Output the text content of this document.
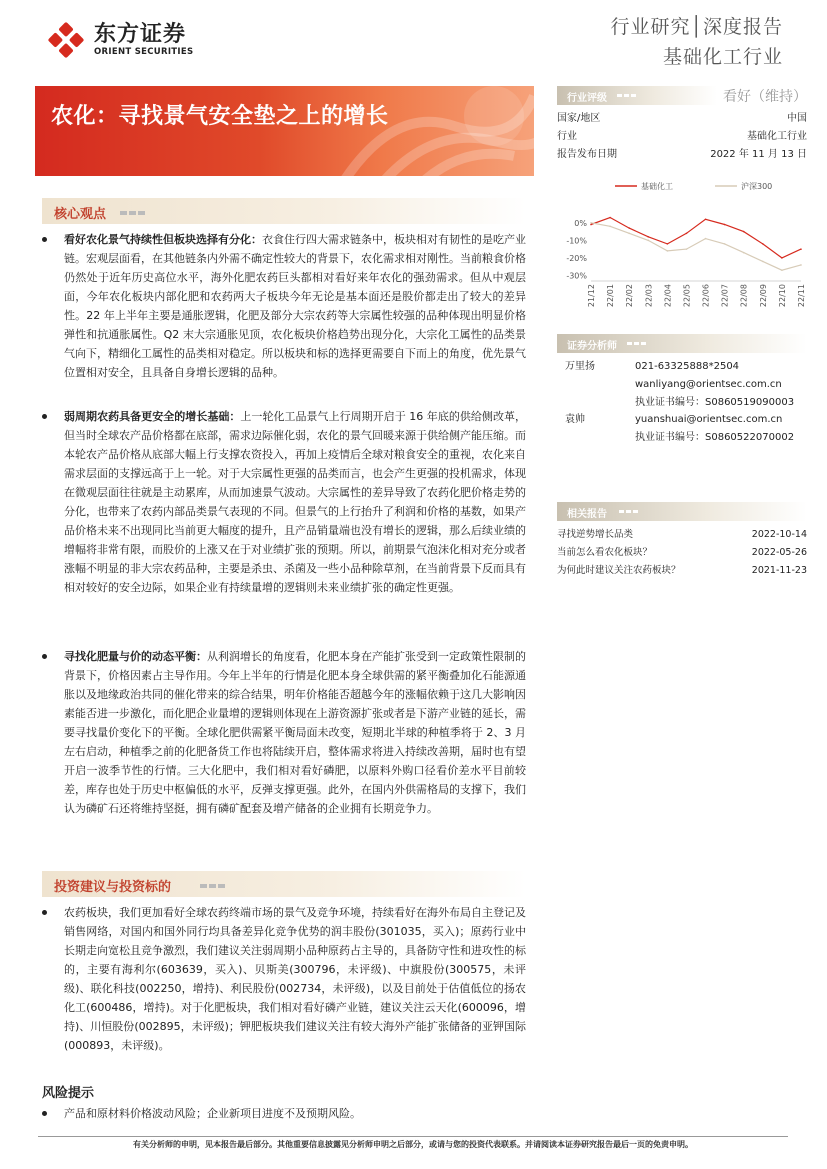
东方证券
ORIENT SECURITIES
行业研究│深度报告
基础化工行业
农化：寻找景气安全垫之上的增长
行业评级	看好（维持）
国家/地区	中国
行业	基础化工行业
报告发布日期	2022 年 11 月 13 日
基础化工	沪深300
0%
-10%
-20%
-30%
21/12 22/01 22/02 22/03 22/04 22/05 22/06 22/07 22/08 22/09 22/10 22/11
证券分析师
万里扬	021-63325888*2504
wanliyang@orientsec.com.cn
执业证书编号：S0860519090003
袁帅	yuanshuai@orientsec.com.cn
执业证书编号：S0860522070002
相关报告
寻找逆势增长品类	2022-10-14
当前怎么看农化板块？	2022-05-26
为何此时建议关注农药板块？	2021-11-23
核心观点
看好农化景气持续性但板块选择有分化：衣食住行四大需求链条中，板块相对有韧性的是吃产业链。宏观层面看，在其他链条内外需不确定性较大的背景下，农化需求相对刚性。当前粮食价格仍然处于近年历史高位水平，海外化肥农药巨头都相对看好来年农化的强劲需求。但从中观层面，今年农化板块内部化肥和农药两大子板块今年无论是基本面还是股价都走出了较大的差异性。22 年上半年主要是通胀逻辑，化肥及部分大宗农药等大宗属性较强的品种体现出明显价格弹性和抗通胀属性。Q2 末大宗通胀见顶，农化板块价格趋势出现分化，大宗化工属性的品类景气向下，精细化工属性的品类相对稳定。所以板块和标的选择更需要自下而上的角度，优先景气位置相对安全，且具备自身增长逻辑的品种。
弱周期农药具备更安全的增长基础：上一轮化工品景气上行周期开启于 16 年底的供给侧改革，但当时全球农产品价格都在底部，需求边际催化弱，农化的景气回暖来源于供给侧产能压缩。而本轮农产品价格从底部大幅上行支撑农资投入，再加上疫情后全球对粮食安全的重视，农化来自需求层面的支撑远高于上一轮。对于大宗属性更强的品类而言，也会产生更强的投机需求，体现在微观层面往往就是主动累库，从而加速景气波动。大宗属性的差异导致了农药化肥价格走势的分化，也带来了农药内部品类景气表现的不同。但景气的上行抬升了利润和价格的基数，如果产品价格未来不出现同比当前更大幅度的提升，且产品销量端也没有增长的逻辑，那么后续业绩的增幅将非常有限，而股价的上涨又在于对业绩扩张的预期。所以，前期景气泡沫化相对充分或者涨幅不明显的非大宗农药品种，主要是杀虫、杀菌及一些小品种除草剂，在当前背景下反而具有相对较好的安全边际，如果企业有持续量增的逻辑则未来业绩扩张的确定性更强。
寻找化肥量与价的动态平衡：从利润增长的角度看，化肥本身在产能扩张受到一定政策性限制的背景下，价格因素占主导作用。今年上半年的行情是化肥本身全球供需的紧平衡叠加化石能源通胀以及地缘政治共同的催化带来的综合结果，明年价格能否超越今年的涨幅依赖于这几大影响因素能否进一步激化，而化肥企业量增的逻辑则体现在上游资源扩张或者是下游产业链的延长，需要寻找量价变化下的平衡。全球化肥供需紧平衡局面未改变，短期北半球的种植季将于 2、3 月左右启动，种植季之前的化肥备货工作也将陆续开启，整体需求将进入持续改善期，届时也有望开启一波季节性的行情。三大化肥中，我们相对看好磷肥，以原料外购口径看价差水平目前较差，库存也处于历史中枢偏低的水平，反弹支撑更强。此外，在国内外供需格局的支撑下，我们认为磷矿石还将维持坚挺，拥有磷矿配套及增产储备的企业拥有长期竞争力。
投资建议与投资标的
农药板块，我们更加看好全球农药终端市场的景气及竞争环境，持续看好在海外布局自主登记及销售网络，对国内和国外同行均具备差异化竞争优势的润丰股份(301035，买入)；原药行业中长期走向宽松且竞争激烈，我们建议关注弱周期小品种原药占主导的，具备防守性和进攻性的标的，主要有海利尔(603639，买入)、贝斯美(300796，未评级)、中旗股份(300575，未评级)、联化科技(002250，增持)、利民股份(002734，未评级)，以及目前处于估值低位的扬农化工(600486，增持)。对于化肥板块，我们相对看好磷产业链，建议关注云天化(600096，增持)、川恒股份(002895，未评级)；钾肥板块我们建议关注有较大海外产能扩张储备的亚钾国际(000893，未评级)。
风险提示
产品和原材料价格波动风险；企业新项目进度不及预期风险。
有关分析师的申明，见本报告最后部分。其他重要信息披露见分析师申明之后部分，或请与您的投资代表联系。并请阅读本证券研究报告最后一页的免责申明。
